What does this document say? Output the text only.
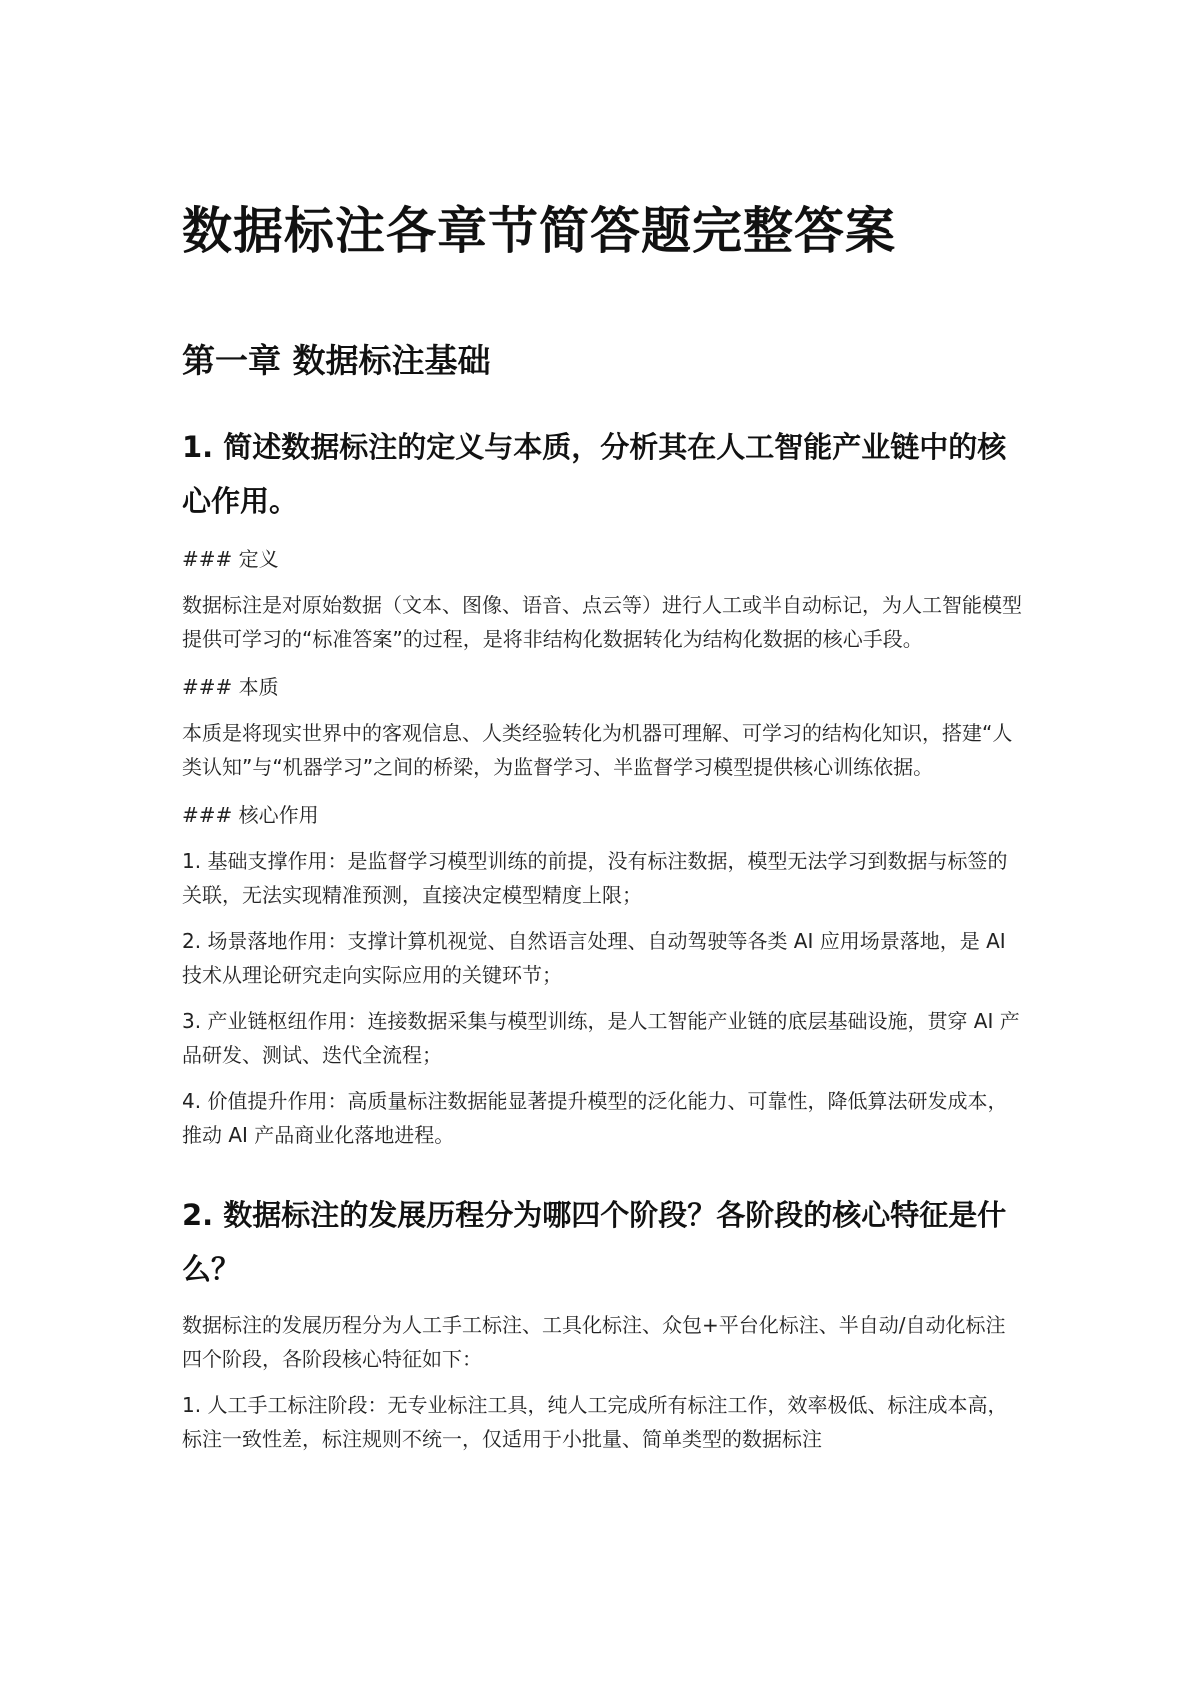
数据标注各章节简答题完整答案
第一章 数据标注基础
1. 简述数据标注的定义与本质，分析其在人工智能产业链中的核心作用。

### 定义

数据标注是对原始数据（文本、图像、语音、点云等）进行人工或半自动标记，为人工智能模型提供可学习的“标准答案”的过程，是将非结构化数据转化为结构化数据的核心手段。

### 本质

本质是将现实世界中的客观信息、人类经验转化为机器可理解、可学习的结构化知识，搭建“人类认知”与“机器学习”之间的桥梁，为监督学习、半监督学习模型提供核心训练依据。

### 核心作用

1. 基础支撑作用：是监督学习模型训练的前提，没有标注数据，模型无法学习到数据与标签的关联，无法实现精准预测，直接决定模型精度上限；

2. 场景落地作用：支撑计算机视觉、自然语言处理、自动驾驶等各类 AI 应用场景落地，是 AI 技术从理论研究走向实际应用的关键环节；

3. 产业链枢纽作用：连接数据采集与模型训练，是人工智能产业链的底层基础设施，贯穿 AI 产品研发、测试、迭代全流程；

4. 价值提升作用：高质量标注数据能显著提升模型的泛化能力、可靠性，降低算法研发成本，推动 AI 产品商业化落地进程。

2. 数据标注的发展历程分为哪四个阶段？各阶段的核心特征是什么？

数据标注的发展历程分为人工手工标注、工具化标注、众包+平台化标注、半自动/自动化标注四个阶段，各阶段核心特征如下：

1. 人工手工标注阶段：无专业标注工具，纯人工完成所有标注工作，效率极低、标注成本高，标注一致性差，标注规则不统一，仅适用于小批量、简单类型的数据标注
